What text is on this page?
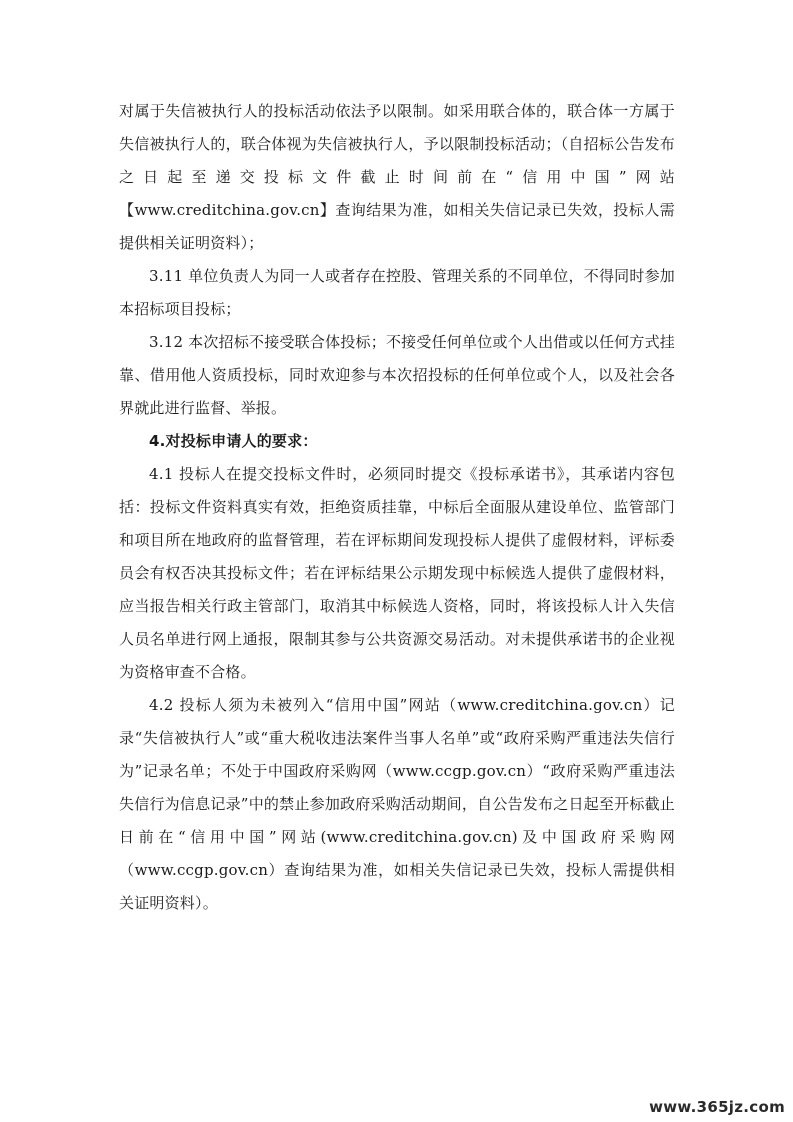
对属于失信被执行人的投标活动依法予以限制。如采用联合体的，联合体一方属于失信被执行人的，联合体视为失信被执行人，予以限制投标活动；（自招标公告发布之日起至递交投标文件截止时间前在“信用中国”网站【www.creditchina.gov.cn】查询结果为准，如相关失信记录已失效，投标人需提供相关证明资料）；

3.11 单位负责人为同一人或者存在控股、管理关系的不同单位，不得同时参加本招标项目投标；

3.12 本次招标不接受联合体投标；不接受任何单位或个人出借或以任何方式挂靠、借用他人资质投标，同时欢迎参与本次招投标的任何单位或个人，以及社会各界就此进行监督、举报。

4.对投标申请人的要求：

4.1 投标人在提交投标文件时，必须同时提交《投标承诺书》，其承诺内容包括：投标文件资料真实有效，拒绝资质挂靠，中标后全面服从建设单位、监管部门和项目所在地政府的监督管理，若在评标期间发现投标人提供了虚假材料，评标委员会有权否决其投标文件；若在评标结果公示期发现中标候选人提供了虚假材料，应当报告相关行政主管部门，取消其中标候选人资格，同时，将该投标人计入失信人员名单进行网上通报，限制其参与公共资源交易活动。对未提供承诺书的企业视为资格审查不合格。

4.2 投标人须为未被列入“信用中国”网站（www.creditchina.gov.cn）记录“失信被执行人”或“重大税收违法案件当事人名单”或“政府采购严重违法失信行为”记录名单；不处于中国政府采购网（www.ccgp.gov.cn）“政府采购严重违法失信行为信息记录”中的禁止参加政府采购活动期间，自公告发布之日起至开标截止日前在“信用中国”网站(www.creditchina.gov.cn)及中国政府采购网（www.ccgp.gov.cn）查询结果为准，如相关失信记录已失效，投标人需提供相关证明资料）。

www.365jz.com
